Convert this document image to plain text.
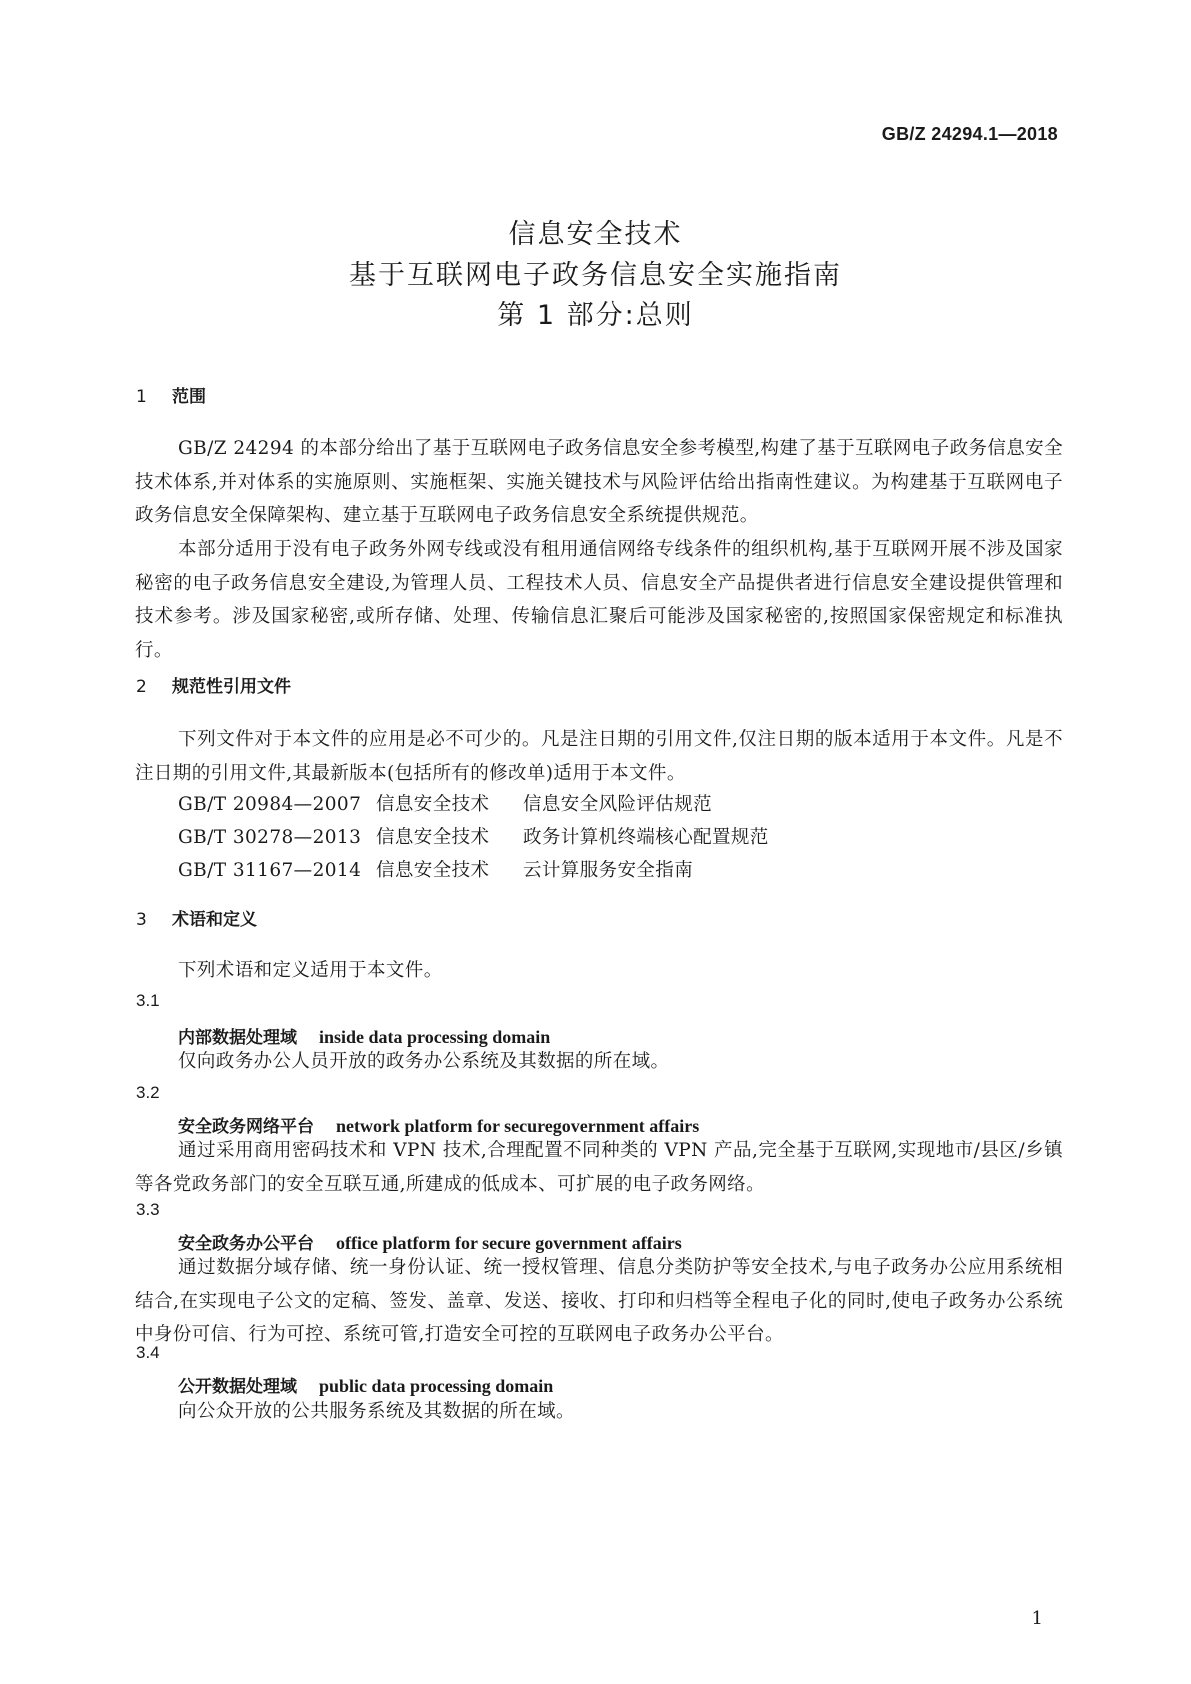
GB/Z 24294.1—2018
信息安全技术
基于互联网电子政务信息安全实施指南
第 1 部分:总则
1 范围
GB/Z 24294 的本部分给出了基于互联网电子政务信息安全参考模型,构建了基于互联网电子政务信息安全技术体系,并对体系的实施原则、实施框架、实施关键技术与风险评估给出指南性建议。为构建基于互联网电子政务信息安全保障架构、建立基于互联网电子政务信息安全系统提供规范。
本部分适用于没有电子政务外网专线或没有租用通信网络专线条件的组织机构,基于互联网开展不涉及国家秘密的电子政务信息安全建设,为管理人员、工程技术人员、信息安全产品提供者进行信息安全建设提供管理和技术参考。涉及国家秘密,或所存储、处理、传输信息汇聚后可能涉及国家秘密的,按照国家保密规定和标准执行。
2 规范性引用文件
下列文件对于本文件的应用是必不可少的。凡是注日期的引用文件,仅注日期的版本适用于本文件。凡是不注日期的引用文件,其最新版本(包括所有的修改单)适用于本文件。
GB/T 20984—2007 信息安全技术 信息安全风险评估规范
GB/T 30278—2013 信息安全技术 政务计算机终端核心配置规范
GB/T 31167—2014 信息安全技术 云计算服务安全指南
3 术语和定义
下列术语和定义适用于本文件。
3.1
内部数据处理域 inside data processing domain
仅向政务办公人员开放的政务办公系统及其数据的所在域。
3.2
安全政务网络平台 network platform for securegovernment affairs
通过采用商用密码技术和 VPN 技术,合理配置不同种类的 VPN 产品,完全基于互联网,实现地市/县区/乡镇等各党政务部门的安全互联互通,所建成的低成本、可扩展的电子政务网络。
3.3
安全政务办公平台 office platform for secure government affairs
通过数据分域存储、统一身份认证、统一授权管理、信息分类防护等安全技术,与电子政务办公应用系统相结合,在实现电子公文的定稿、签发、盖章、发送、接收、打印和归档等全程电子化的同时,使电子政务办公系统中身份可信、行为可控、系统可管,打造安全可控的互联网电子政务办公平台。
3.4
公开数据处理域 public data processing domain
向公众开放的公共服务系统及其数据的所在域。
1
